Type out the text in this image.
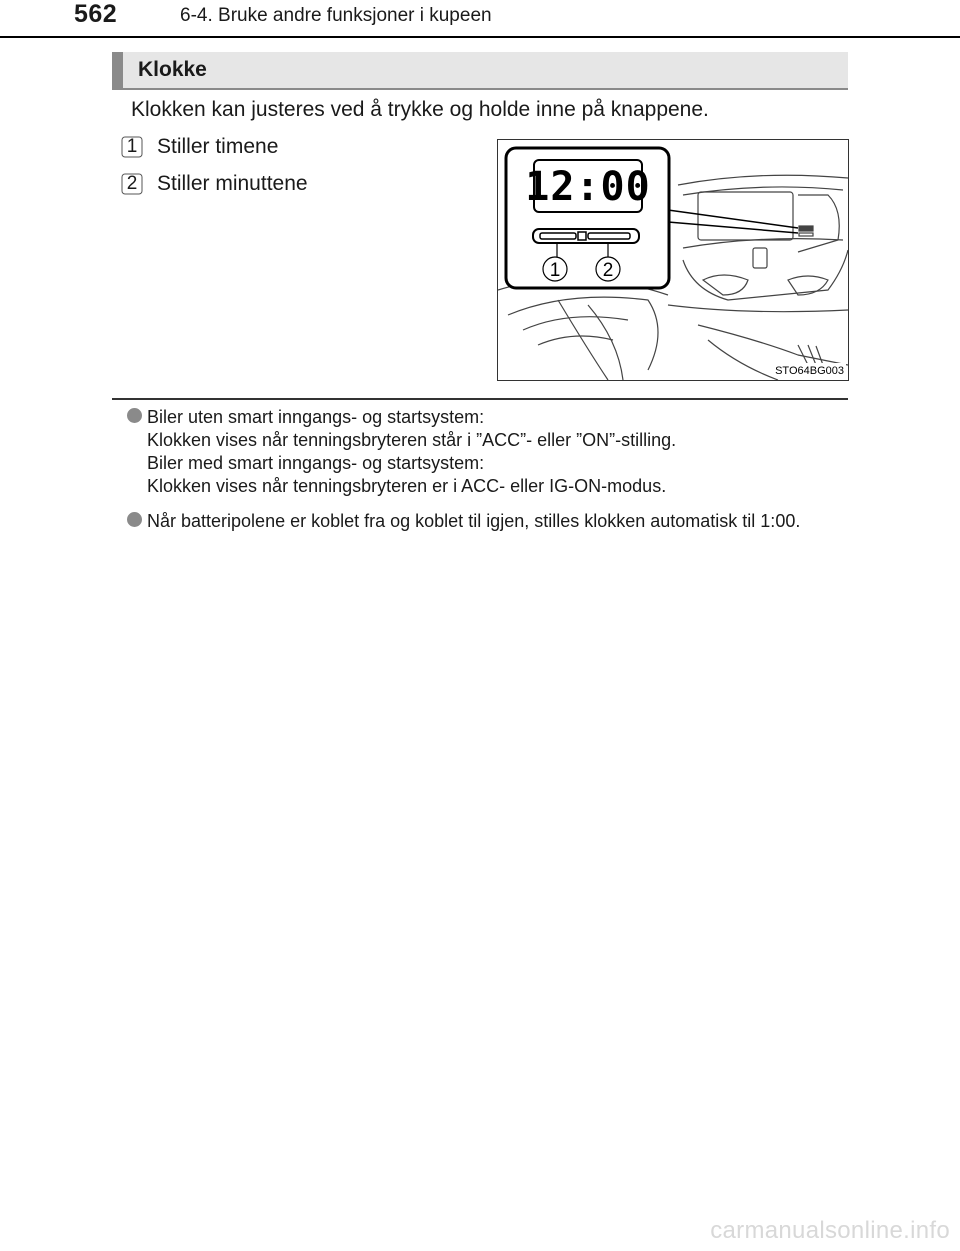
562	6-4. Bruke andre funksjoner i kupeen
Klokke
Klokken kan justeres ved å trykke og holde inne på knappene.
1 Stiller timene
2 Stiller minuttene	12:00
1 2
STO64BG003
Biler uten smart inngangs- og startsystem:
Klokken vises når tenningsbryteren står i ”ACC”- eller ”ON”-stilling.
Biler med smart inngangs- og startsystem:
Klokken vises når tenningsbryteren er i ACC- eller IG-ON-modus.
Når batteripolene er koblet fra og koblet til igjen, stilles klokken automatisk til 1:00.
carmanualsonline.info
